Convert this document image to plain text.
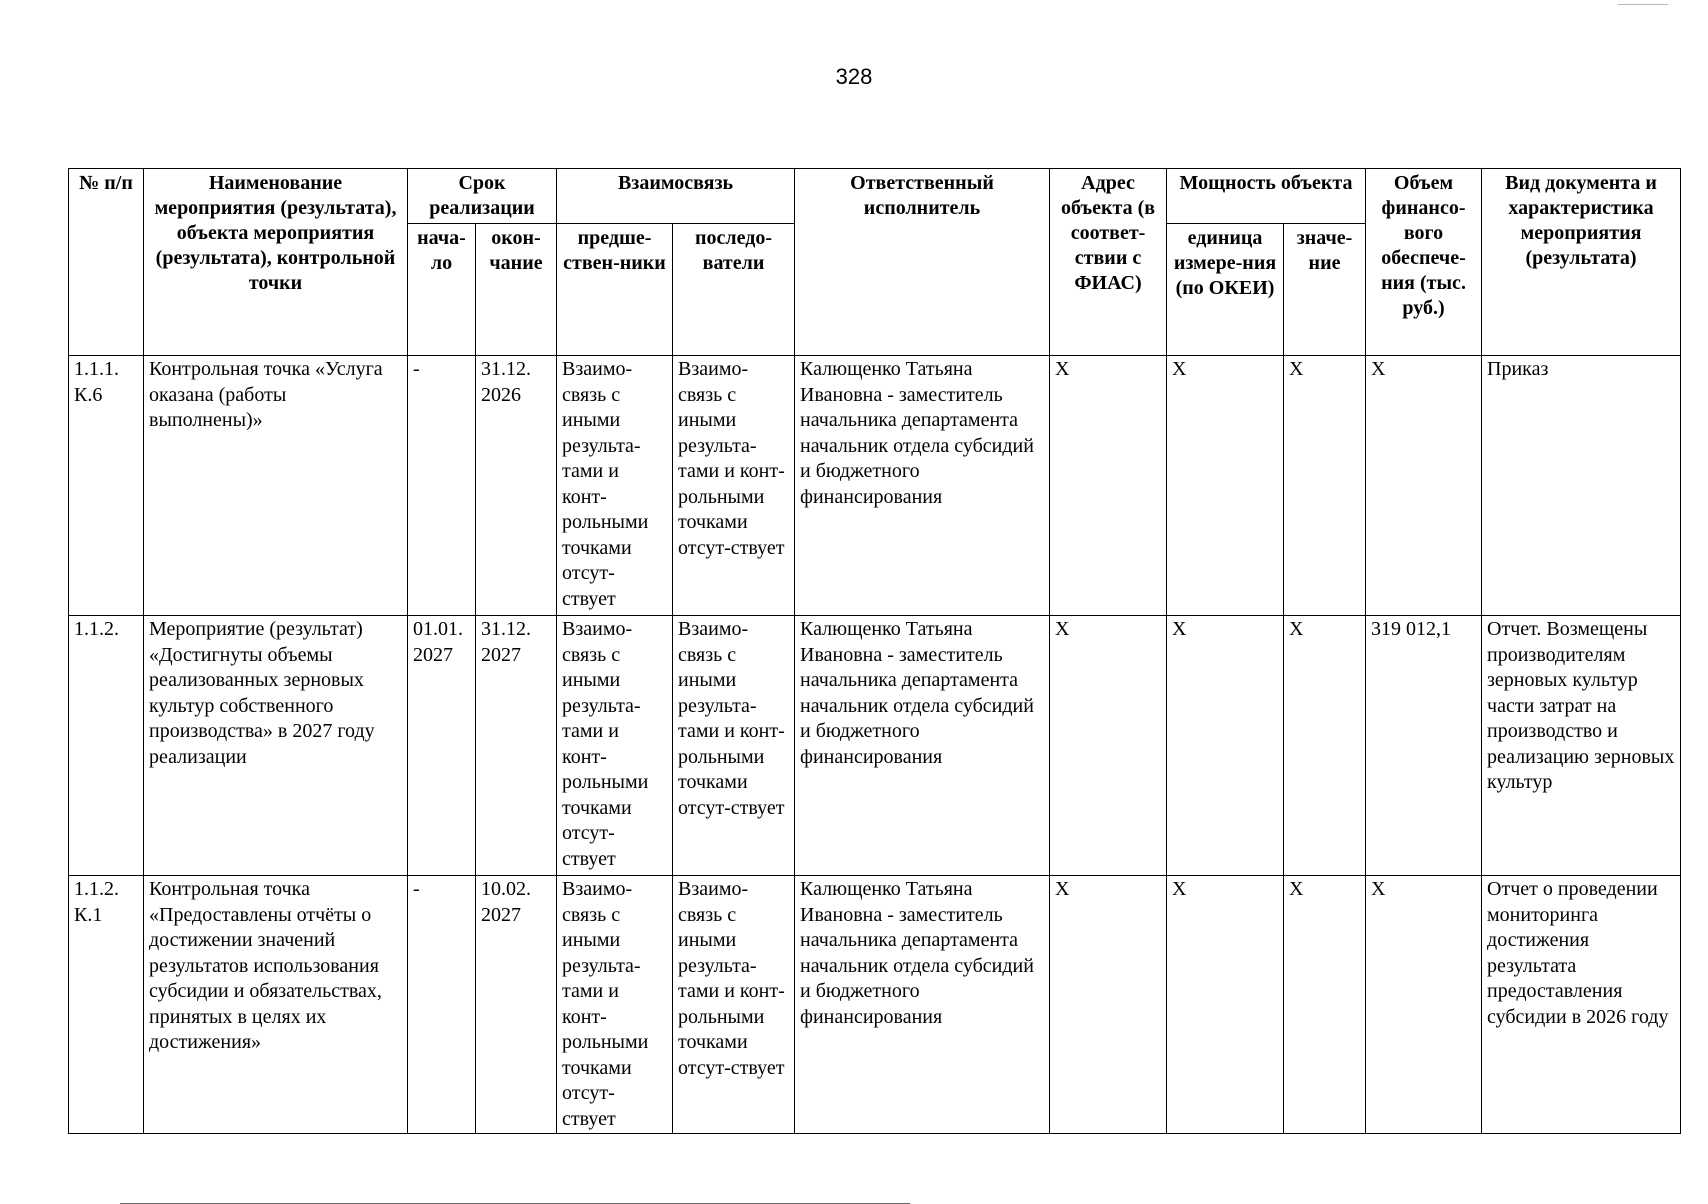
328
№ п/п	Наименование мероприятия (результата), объекта мероприятия (результата), контрольной точки	Срок реализации		Взаимосвязь		Ответственный исполнитель	Адрес объекта (в соответ-ствии с ФИАС)	Мощность объекта		Объем финансо-вого обеспече-ния (тыс. руб.)	Вид документа и характеристика мероприятия (результата)
		нача-ло	окон-чание	предше-ствен-ники	последо-ватели			единица измере-ния (по ОКЕИ)	значе-ние		
1.1.1. К.6	Контрольная точка «Услуга оказана (работы выполнены)»	-	31.12. 2026	Взаимо-связь с иными результа-тами и конт-рольными точками отсут-ствует	Взаимо-связь с иными результа-тами и конт-рольными точками отсут-ствует	Калющенко Татьяна Ивановна - заместитель начальника департамента начальник отдела субсидий и бюджетного финансирования	X	X	X	X	Приказ
1.1.2.	Мероприятие (результат) «Достигнуты объемы реализованных зерновых культур собственного производства» в 2027 году реализации	01.01. 2027	31.12. 2027	Взаимо-связь с иными результа-тами и конт-рольными точками отсут-ствует	Взаимо-связь с иными результа-тами и конт-рольными точками отсут-ствует	Калющенко Татьяна Ивановна - заместитель начальника департамента начальник отдела субсидий и бюджетного финансирования	X	X	X	319 012,1	Отчет. Возмещены производителям зерновых культур части затрат на производство и реализацию зерновых культур
1.1.2. К.1	Контрольная точка «Предоставлены отчёты о достижении значений результатов использования субсидии и обязательствах, принятых в целях их достижения»	-	10.02. 2027	Взаимо-связь с иными результа-тами и конт-рольными точками отсут-ствует	Взаимо-связь с иными результа-тами и конт-рольными точками отсут-ствует	Калющенко Татьяна Ивановна - заместитель начальника департамента начальник отдела субсидий и бюджетного финансирования	X	X	X	X	Отчет о проведении мониторинга достижения результата предоставления субсидии в 2026 году
